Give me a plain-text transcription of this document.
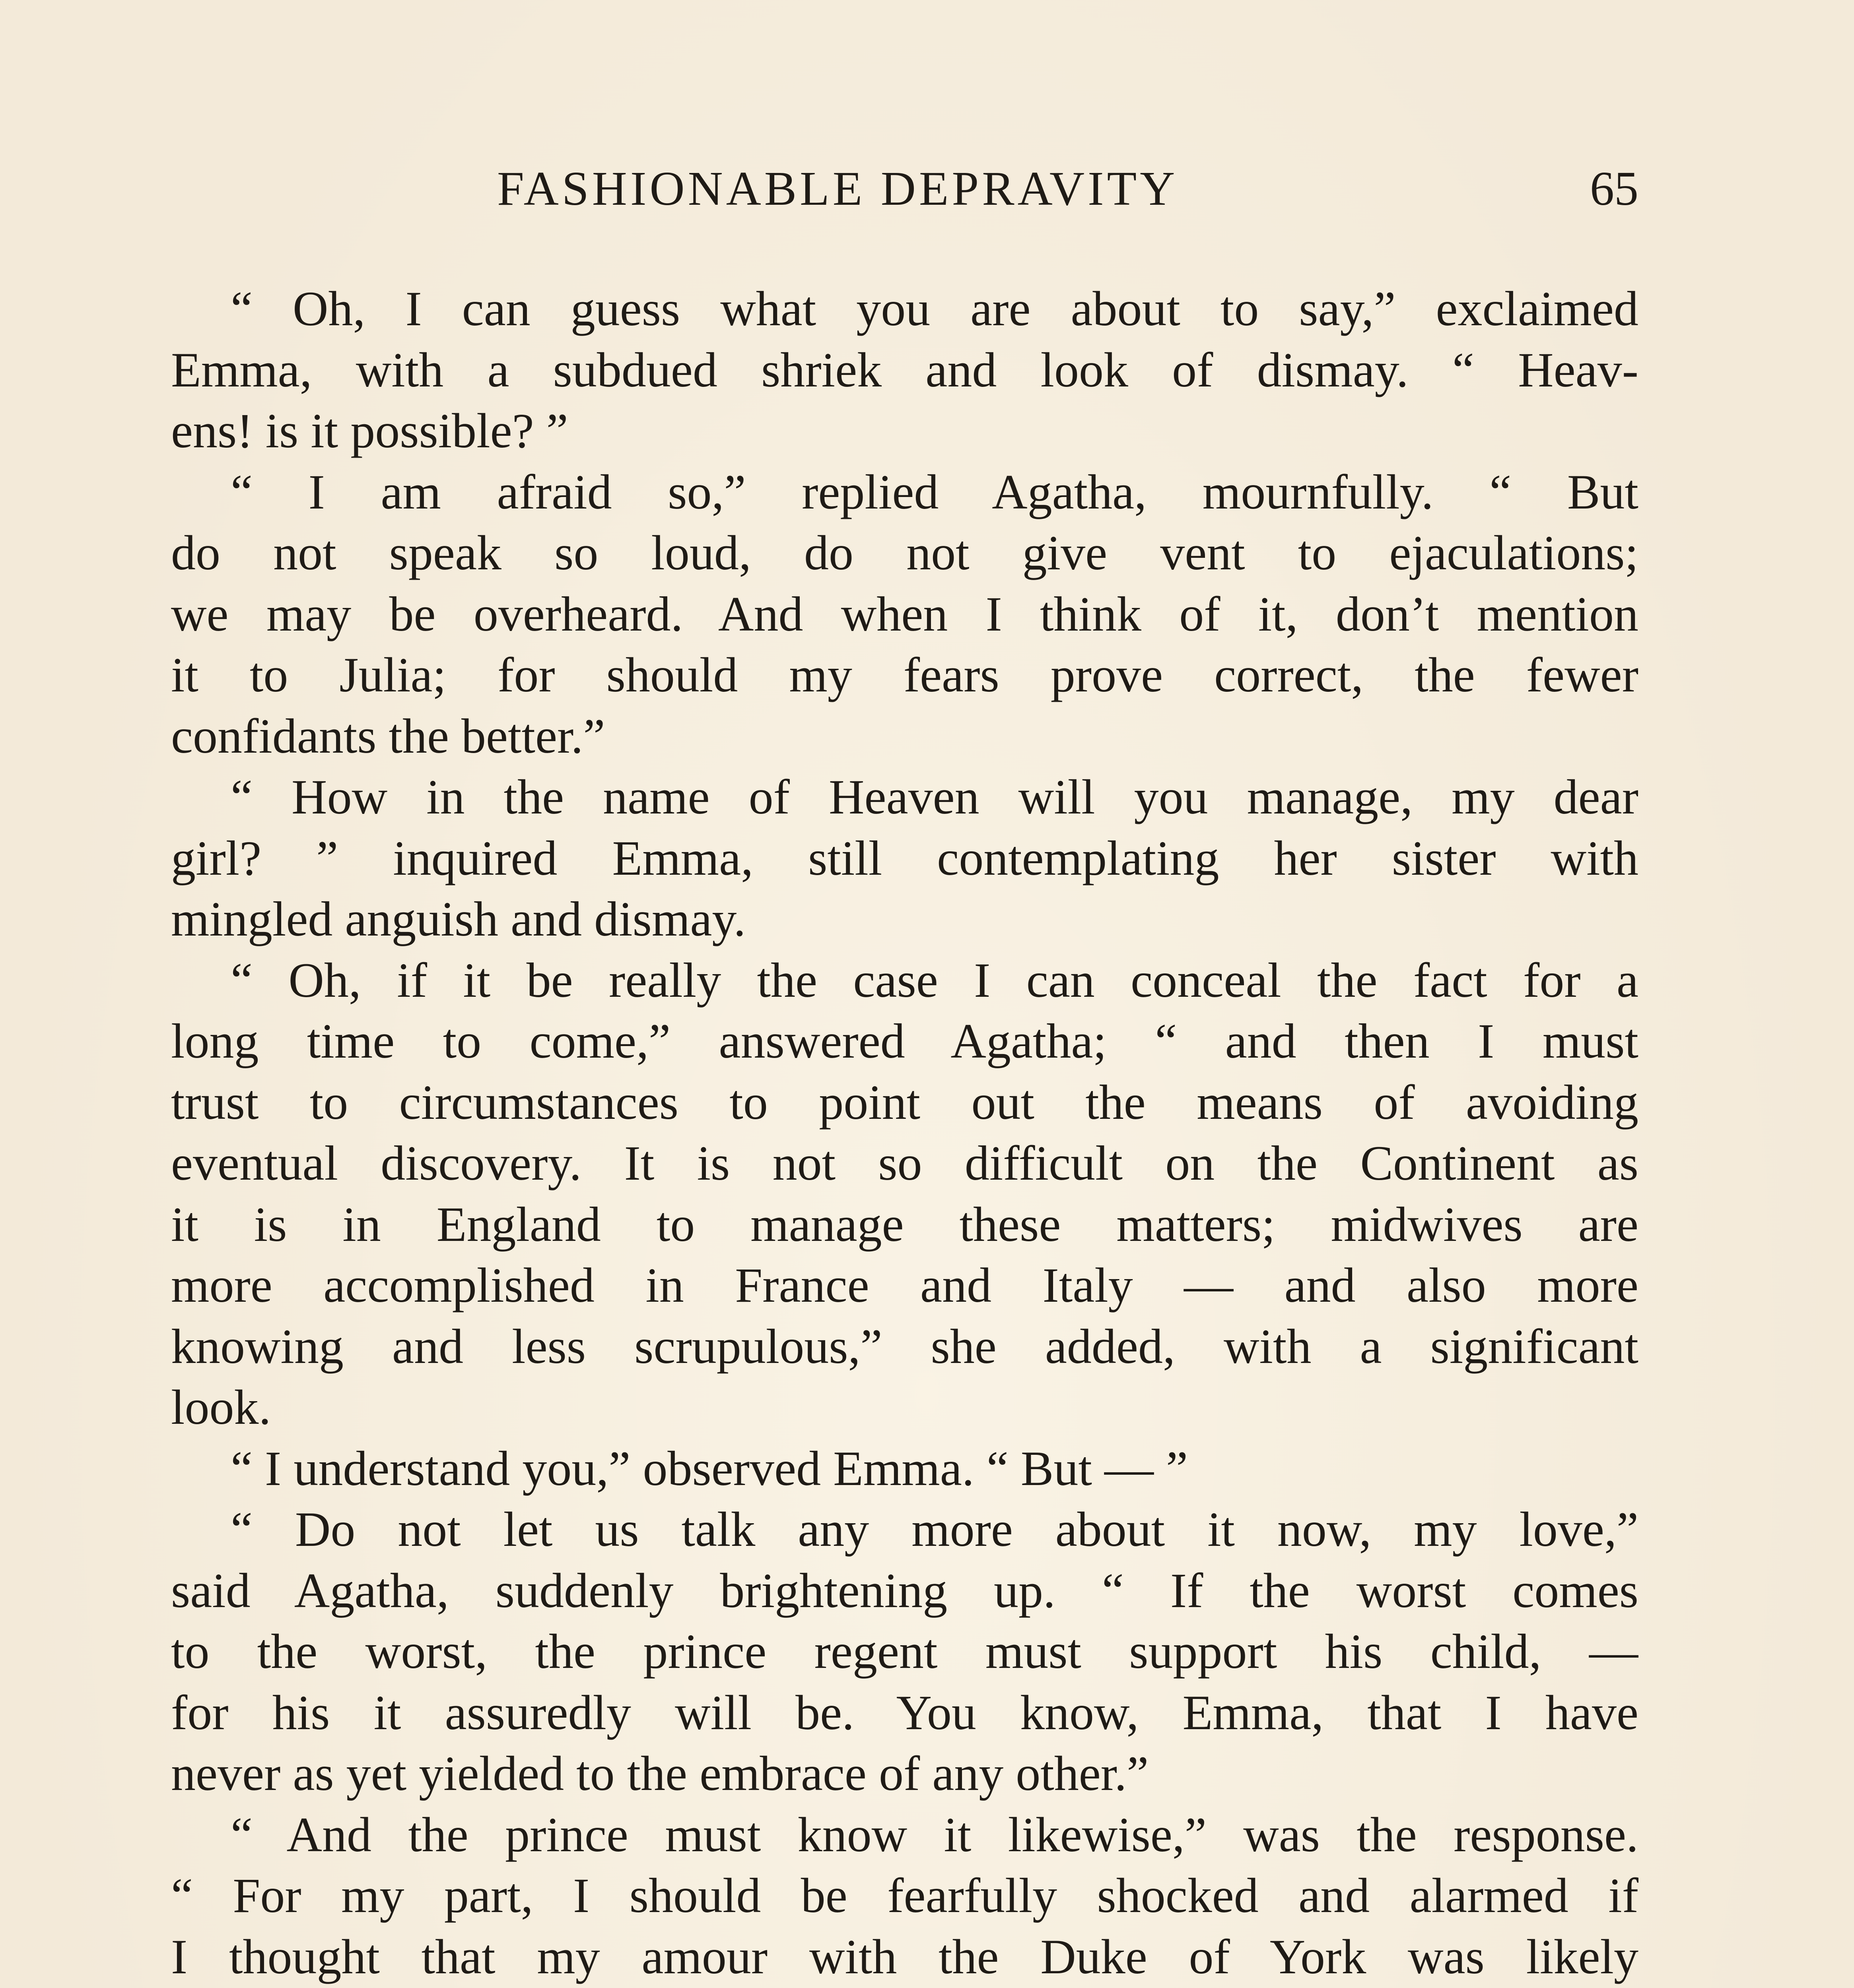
FASHIONABLE DEPRAVITY	65
“ Oh, I can guess what you are about to say,” exclaimed
Emma, with a subdued shriek and look of dismay. “ Heav-
ens! is it possible? ”
“ I am afraid so,” replied Agatha, mournfully. “ But
do not speak so loud, do not give vent to ejaculations;
we may be overheard. And when I think of it, don’t mention
it to Julia; for should my fears prove correct, the fewer
confidants the better.”
“ How in the name of Heaven will you manage, my dear
girl? ” inquired Emma, still contemplating her sister with
mingled anguish and dismay.
“ Oh, if it be really the case I can conceal the fact for a
long time to come,” answered Agatha; “ and then I must
trust to circumstances to point out the means of avoiding
eventual discovery. It is not so difficult on the Continent as
it is in England to manage these matters; midwives are
more accomplished in France and Italy — and also more
knowing and less scrupulous,” she added, with a significant
look.
“ I understand you,” observed Emma. “ But — ”
“ Do not let us talk any more about it now, my love,”
said Agatha, suddenly brightening up. “ If the worst comes
to the worst, the prince regent must support his child, —
for his it assuredly will be. You know, Emma, that I have
never as yet yielded to the embrace of any other.”
“ And the prince must know it likewise,” was the response.
“ For my part, I should be fearfully shocked and alarmed if
I thought that my amour with the Duke of York was likely
